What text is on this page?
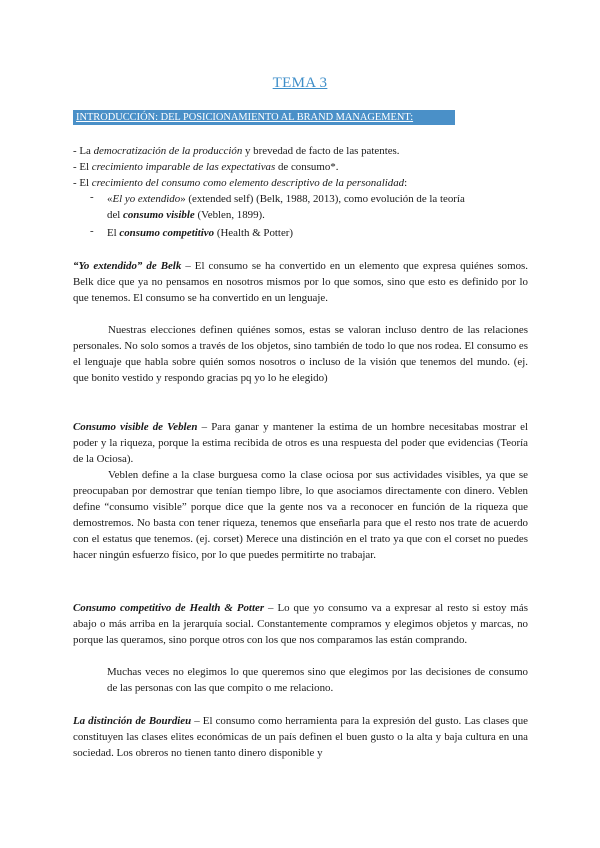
TEMA 3
INTRODUCCIÓN: DEL POSICIONAMIENTO AL BRAND MANAGEMENT:
- La democratización de la producción y brevedad de facto de las patentes.
- El crecimiento imparable de las expectativas de consumo*.
- El crecimiento del consumo como elemento descriptivo de la personalidad:
- «El yo extendido» (extended self) (Belk, 1988, 2013), como evolución de la teoría
del consumo visible (Veblen, 1899).
- El consumo competitivo (Health & Potter)
“Yo extendido” de Belk – El consumo se ha convertido en un elemento que expresa quiénes somos. Belk dice que ya no pensamos en nosotros mismos por lo que somos, sino que esto es definido por lo que tenemos. El consumo se ha convertido en un lenguaje.
Nuestras elecciones definen quiénes somos, estas se valoran incluso dentro de las relaciones personales. No solo somos a través de los objetos, sino también de todo lo que nos rodea. El consumo es el lenguaje que habla sobre quién somos nosotros o incluso de la visión que tenemos del mundo. (ej. que bonito vestido y respondo gracias pq yo lo he elegido)
Consumo visible de Veblen – Para ganar y mantener la estima de un hombre necesitabas mostrar el poder y la riqueza, porque la estima recibida de otros es una respuesta del poder que evidencias (Teoría de la Ociosa).
Veblen define a la clase burguesa como la clase ociosa por sus actividades visibles, ya que se preocupaban por demostrar que tenían tiempo libre, lo que asociamos directamente con dinero. Veblen define “consumo visible” porque dice que la gente nos va a reconocer en función de la riqueza que demostremos. No basta con tener riqueza, tenemos que enseñarla para que el resto nos trate de acuerdo con el estatus que tenemos. (ej. corset) Merece una distinción en el trato ya que con el corset no puedes hacer ningún esfuerzo físico, por lo que puedes permitirte no trabajar.
Consumo competitivo de Health & Potter – Lo que yo consumo va a expresar al resto si estoy más abajo o más arriba en la jerarquía social. Constantemente compramos y elegimos objetos y marcas, no porque las queramos, sino porque otros con los que nos comparamos las están comprando.
Muchas veces no elegimos lo que queremos sino que elegimos por las decisiones de consumo de las personas con las que compito o me relaciono.
La distinción de Bourdieu – El consumo como herramienta para la expresión del gusto. Las clases que constituyen las clases elites económicas de un país definen el buen gusto o la alta y baja cultura en una sociedad. Los obreros no tienen tanto dinero disponible y
